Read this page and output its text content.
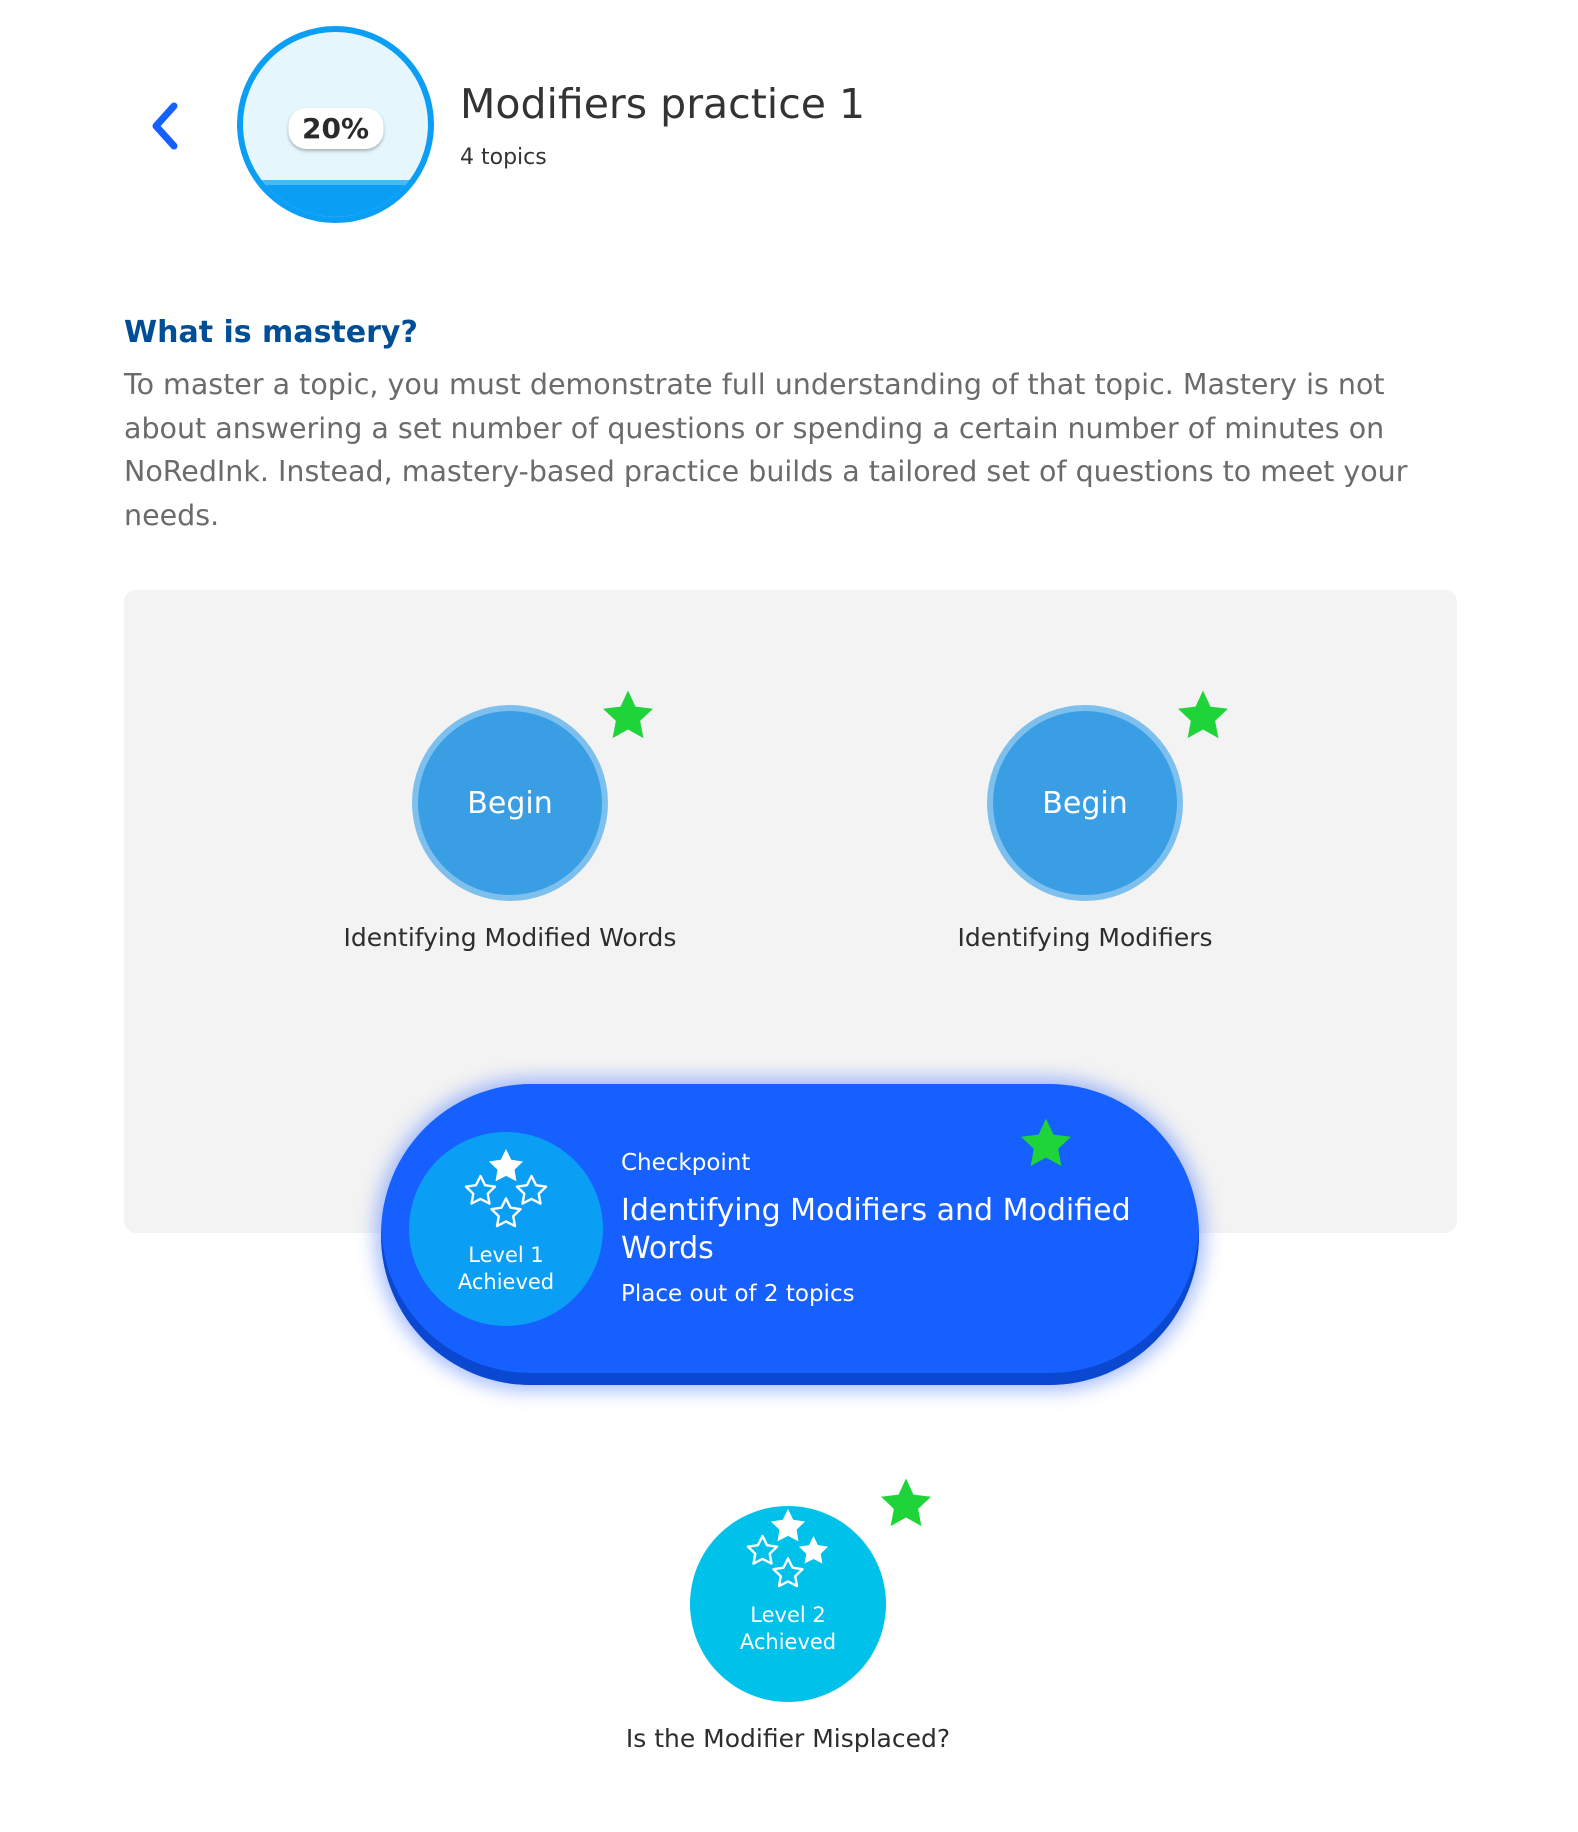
20%
Modifiers practice 1
4 topics
What is mastery?

To master a topic, you must demonstrate full understanding of that topic. Mastery is not about answering a set number of questions or spending a certain number of minutes on NoRedInk. Instead, mastery-based practice builds a tailored set of questions to meet your needs.

Begin
Identifying Modified Words
Begin
Identifying Modifiers
Level 1
Achieved
Checkpoint
Identifying Modifiers and Modified Words
Place out of 2 topics
Level 2
Achieved
Is the Modifier Misplaced?
